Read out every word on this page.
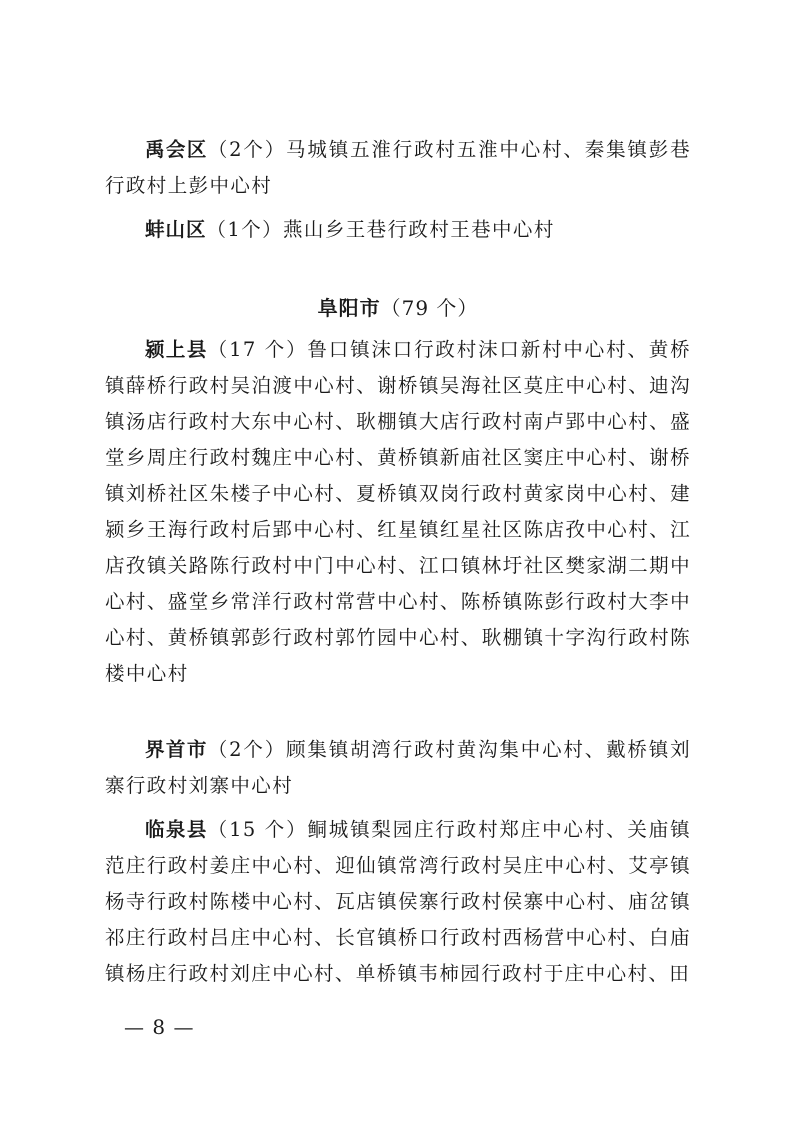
禹会区（2个）马城镇五淮行政村五淮中心村、秦集镇彭巷行政村上彭中心村

蚌山区（1个）燕山乡王巷行政村王巷中心村

阜阳市（79 个）

颍上县（17 个）鲁口镇沫口行政村沫口新村中心村、黄桥镇薛桥行政村吴泊渡中心村、谢桥镇吴海社区莫庄中心村、迪沟镇汤店行政村大东中心村、耿棚镇大店行政村南卢郢中心村、盛堂乡周庄行政村魏庄中心村、黄桥镇新庙社区窦庄中心村、谢桥镇刘桥社区朱楼子中心村、夏桥镇双岗行政村黄家岗中心村、建颍乡王海行政村后郢中心村、红星镇红星社区陈店孜中心村、江店孜镇关路陈行政村中门中心村、江口镇林圩社区樊家湖二期中心村、盛堂乡常洋行政村常营中心村、陈桥镇陈彭行政村大李中心村、黄桥镇郭彭行政村郭竹园中心村、耿棚镇十字沟行政村陈楼中心村

界首市（2个）顾集镇胡湾行政村黄沟集中心村、戴桥镇刘寨行政村刘寨中心村

临泉县（15 个）鲖城镇梨园庄行政村郑庄中心村、关庙镇范庄行政村姜庄中心村、迎仙镇常湾行政村吴庄中心村、艾亭镇杨寺行政村陈楼中心村、瓦店镇侯寨行政村侯寨中心村、庙岔镇祁庄行政村吕庄中心村、长官镇桥口行政村西杨营中心村、白庙镇杨庄行政村刘庄中心村、单桥镇韦柿园行政村于庄中心村、田

— 8 —
